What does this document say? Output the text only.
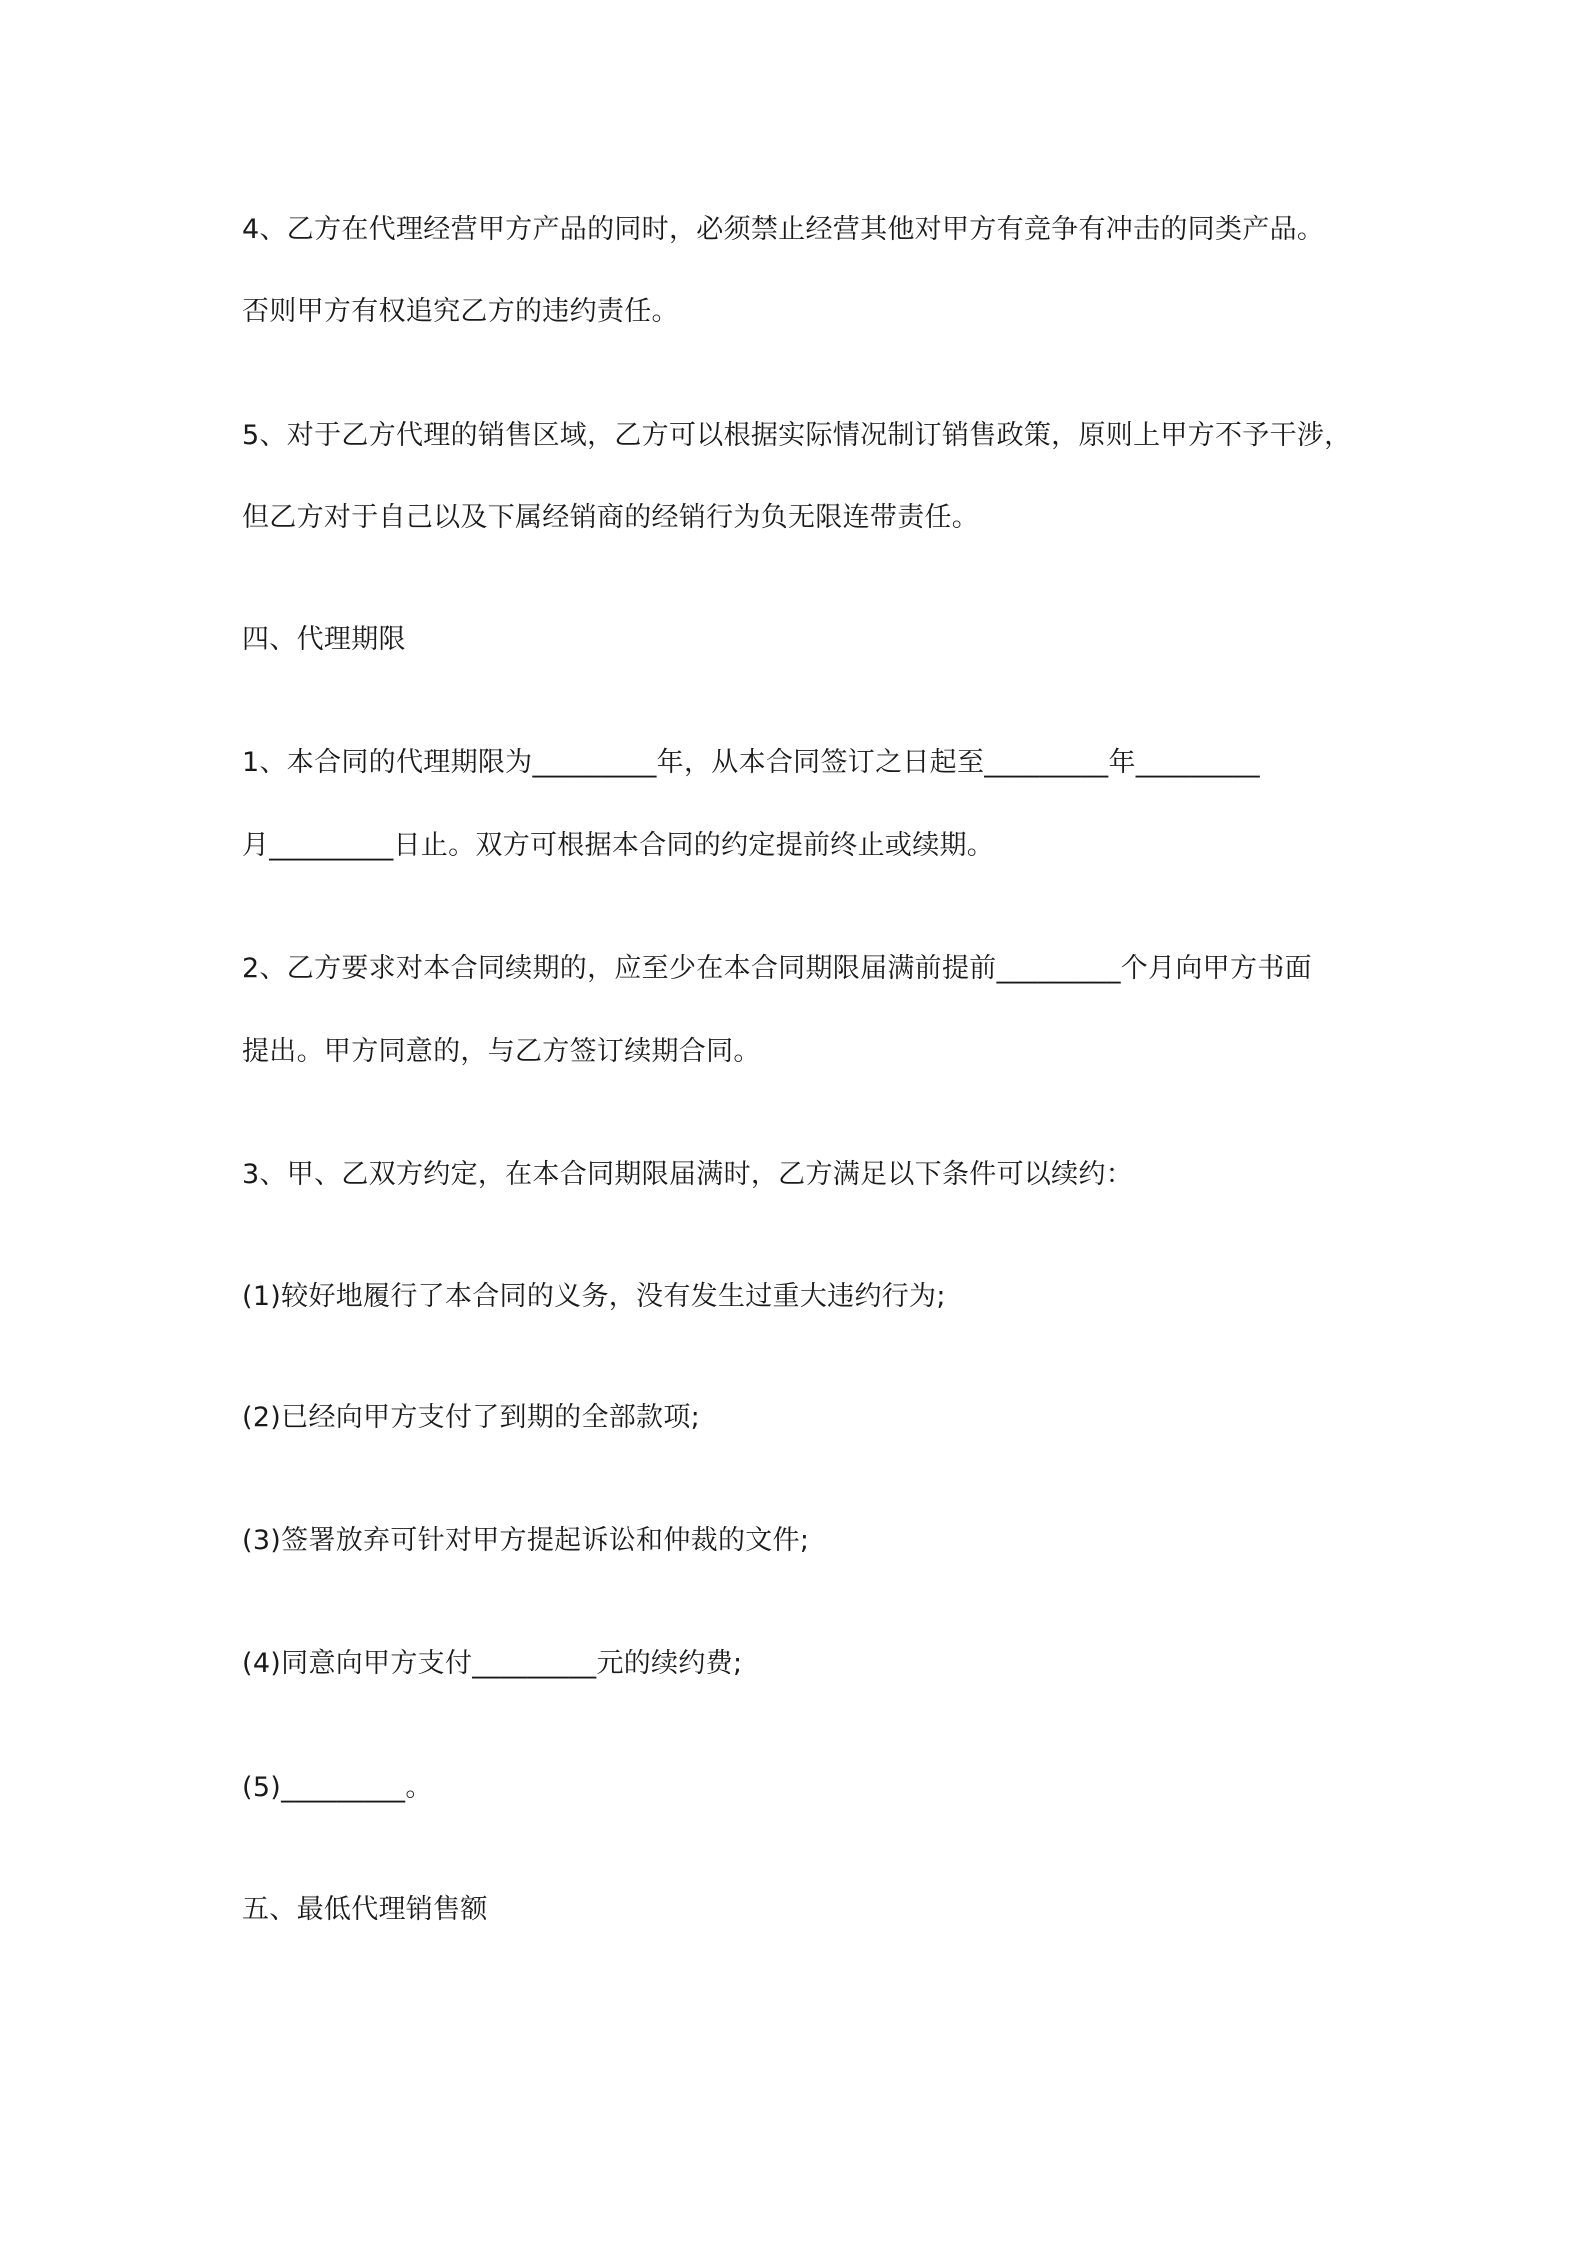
4、乙方在代理经营甲方产品的同时，必须禁止经营其他对甲方有竞争有冲击的同类产品。
否则甲方有权追究乙方的违约责任。
5、对于乙方代理的销售区域，乙方可以根据实际情况制订销售政策，原则上甲方不予干涉，
但乙方对于自己以及下属经销商的经销行为负无限连带责任。
四、代理期限
1、本合同的代理期限为_________年，从本合同签订之日起至_________年_________
月_________日止。双方可根据本合同的约定提前终止或续期。
2、乙方要求对本合同续期的，应至少在本合同期限届满前提前_________个月向甲方书面
提出。甲方同意的，与乙方签订续期合同。
3、甲、乙双方约定，在本合同期限届满时，乙方满足以下条件可以续约：
(1)较好地履行了本合同的义务，没有发生过重大违约行为;
(2)已经向甲方支付了到期的全部款项;
(3)签署放弃可针对甲方提起诉讼和仲裁的文件;
(4)同意向甲方支付_________元的续约费;
(5)_________。
五、最低代理销售额
